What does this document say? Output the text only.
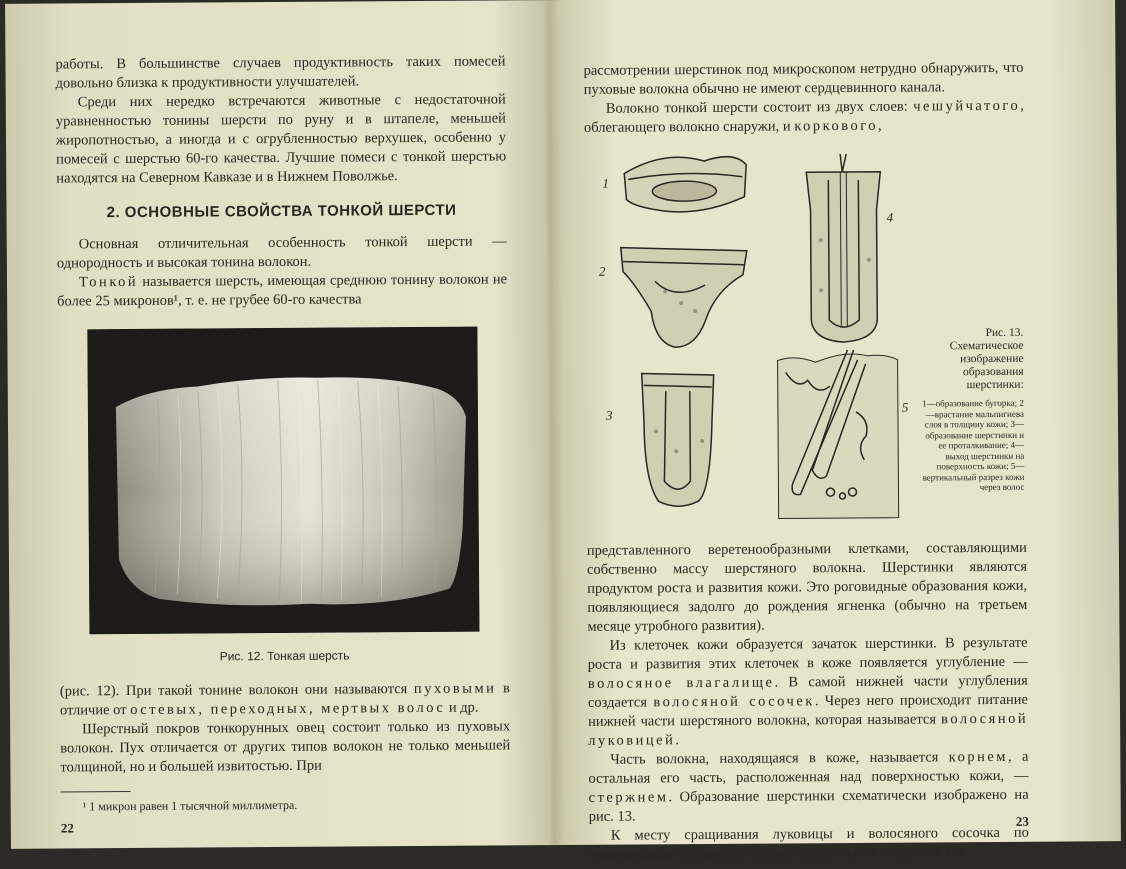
работы. В большинстве случаев продуктивность таких помесей довольно близка к продуктивности улучшателей.

Среди них нередко встречаются животные с недостаточной уравненностью тонины шерсти по руну и в штапеле, меньшей жиропотностью, а иногда и с огрубленностью верхушек, особенно у помесей с шерстью 60-го качества. Лучшие помеси с тонкой шерстью находятся на Северном Кавказе и в Нижнем Поволжье.

2. ОСНОВНЫЕ СВОЙСТВА ТОНКОЙ ШЕРСТИ

Основная отличительная особенность тонкой шерсти — однородность и высокая тонина волокон.

Тонкой называется шерсть, имеющая среднюю тонину волокон не более 25 микронов¹, т. е. не грубее 60-го качества

Рис. 12. Тонкая шерсть

(рис. 12). При такой тонине волокон они называются пуховыми в отличие от остевых, переходных, мертвых волос и др.

Шерстный покров тонкорунных овец состоит только из пуховых волокон. Пух отличается от других типов волокон не только меньшей толщиной, но и большей извитостью. При

¹ 1 микрон равен 1 тысячной миллиметра.
22

рассмотрении шерстинок под микроскопом нетрудно обнаружить, что пуховые волокна обычно не имеют сердцевинного канала.

Волокно тонкой шерсти состоит из двух слоев: чешуйчатого, облегающего волокно снаружи, и коркового,

1
2
3
4
5
Рис. 13. Схематическое изображение образования шерстинки:
1—образование бугорка; 2—врастание мальпигиева слоя в толщину кожи; 3—образование шерстинки и ее проталкивание; 4—выход шерстинки на поверхность кожи; 5—вертикальный разрез кожи через волос

представленного веретенообразными клетками, составляющими собственно массу шерстяного волокна. Шерстинки являются продуктом роста и развития кожи. Это роговидные образования кожи, появляющиеся задолго до рождения ягненка (обычно на третьем месяце утробного развития).

Из клеточек кожи образуется зачаток шерстинки. В результате роста и развития этих клеточек в коже появляется углубление — волосяное влагалище. В самой нижней части углубления создается волосяной сосочек. Через него происходит питание нижней части шерстяного волокна, которая называется волосяной луковицей.

Часть волокна, находящаяся в коже, называется корнем, а остальная его часть, расположенная над поверхностью кожи, — стержнем. Образование шерстинки схематически изображено на рис. 13.

К месту сращивания луковицы и волосяного сосочка по кровеносным сосудам поступают питательные вещества. По

23
